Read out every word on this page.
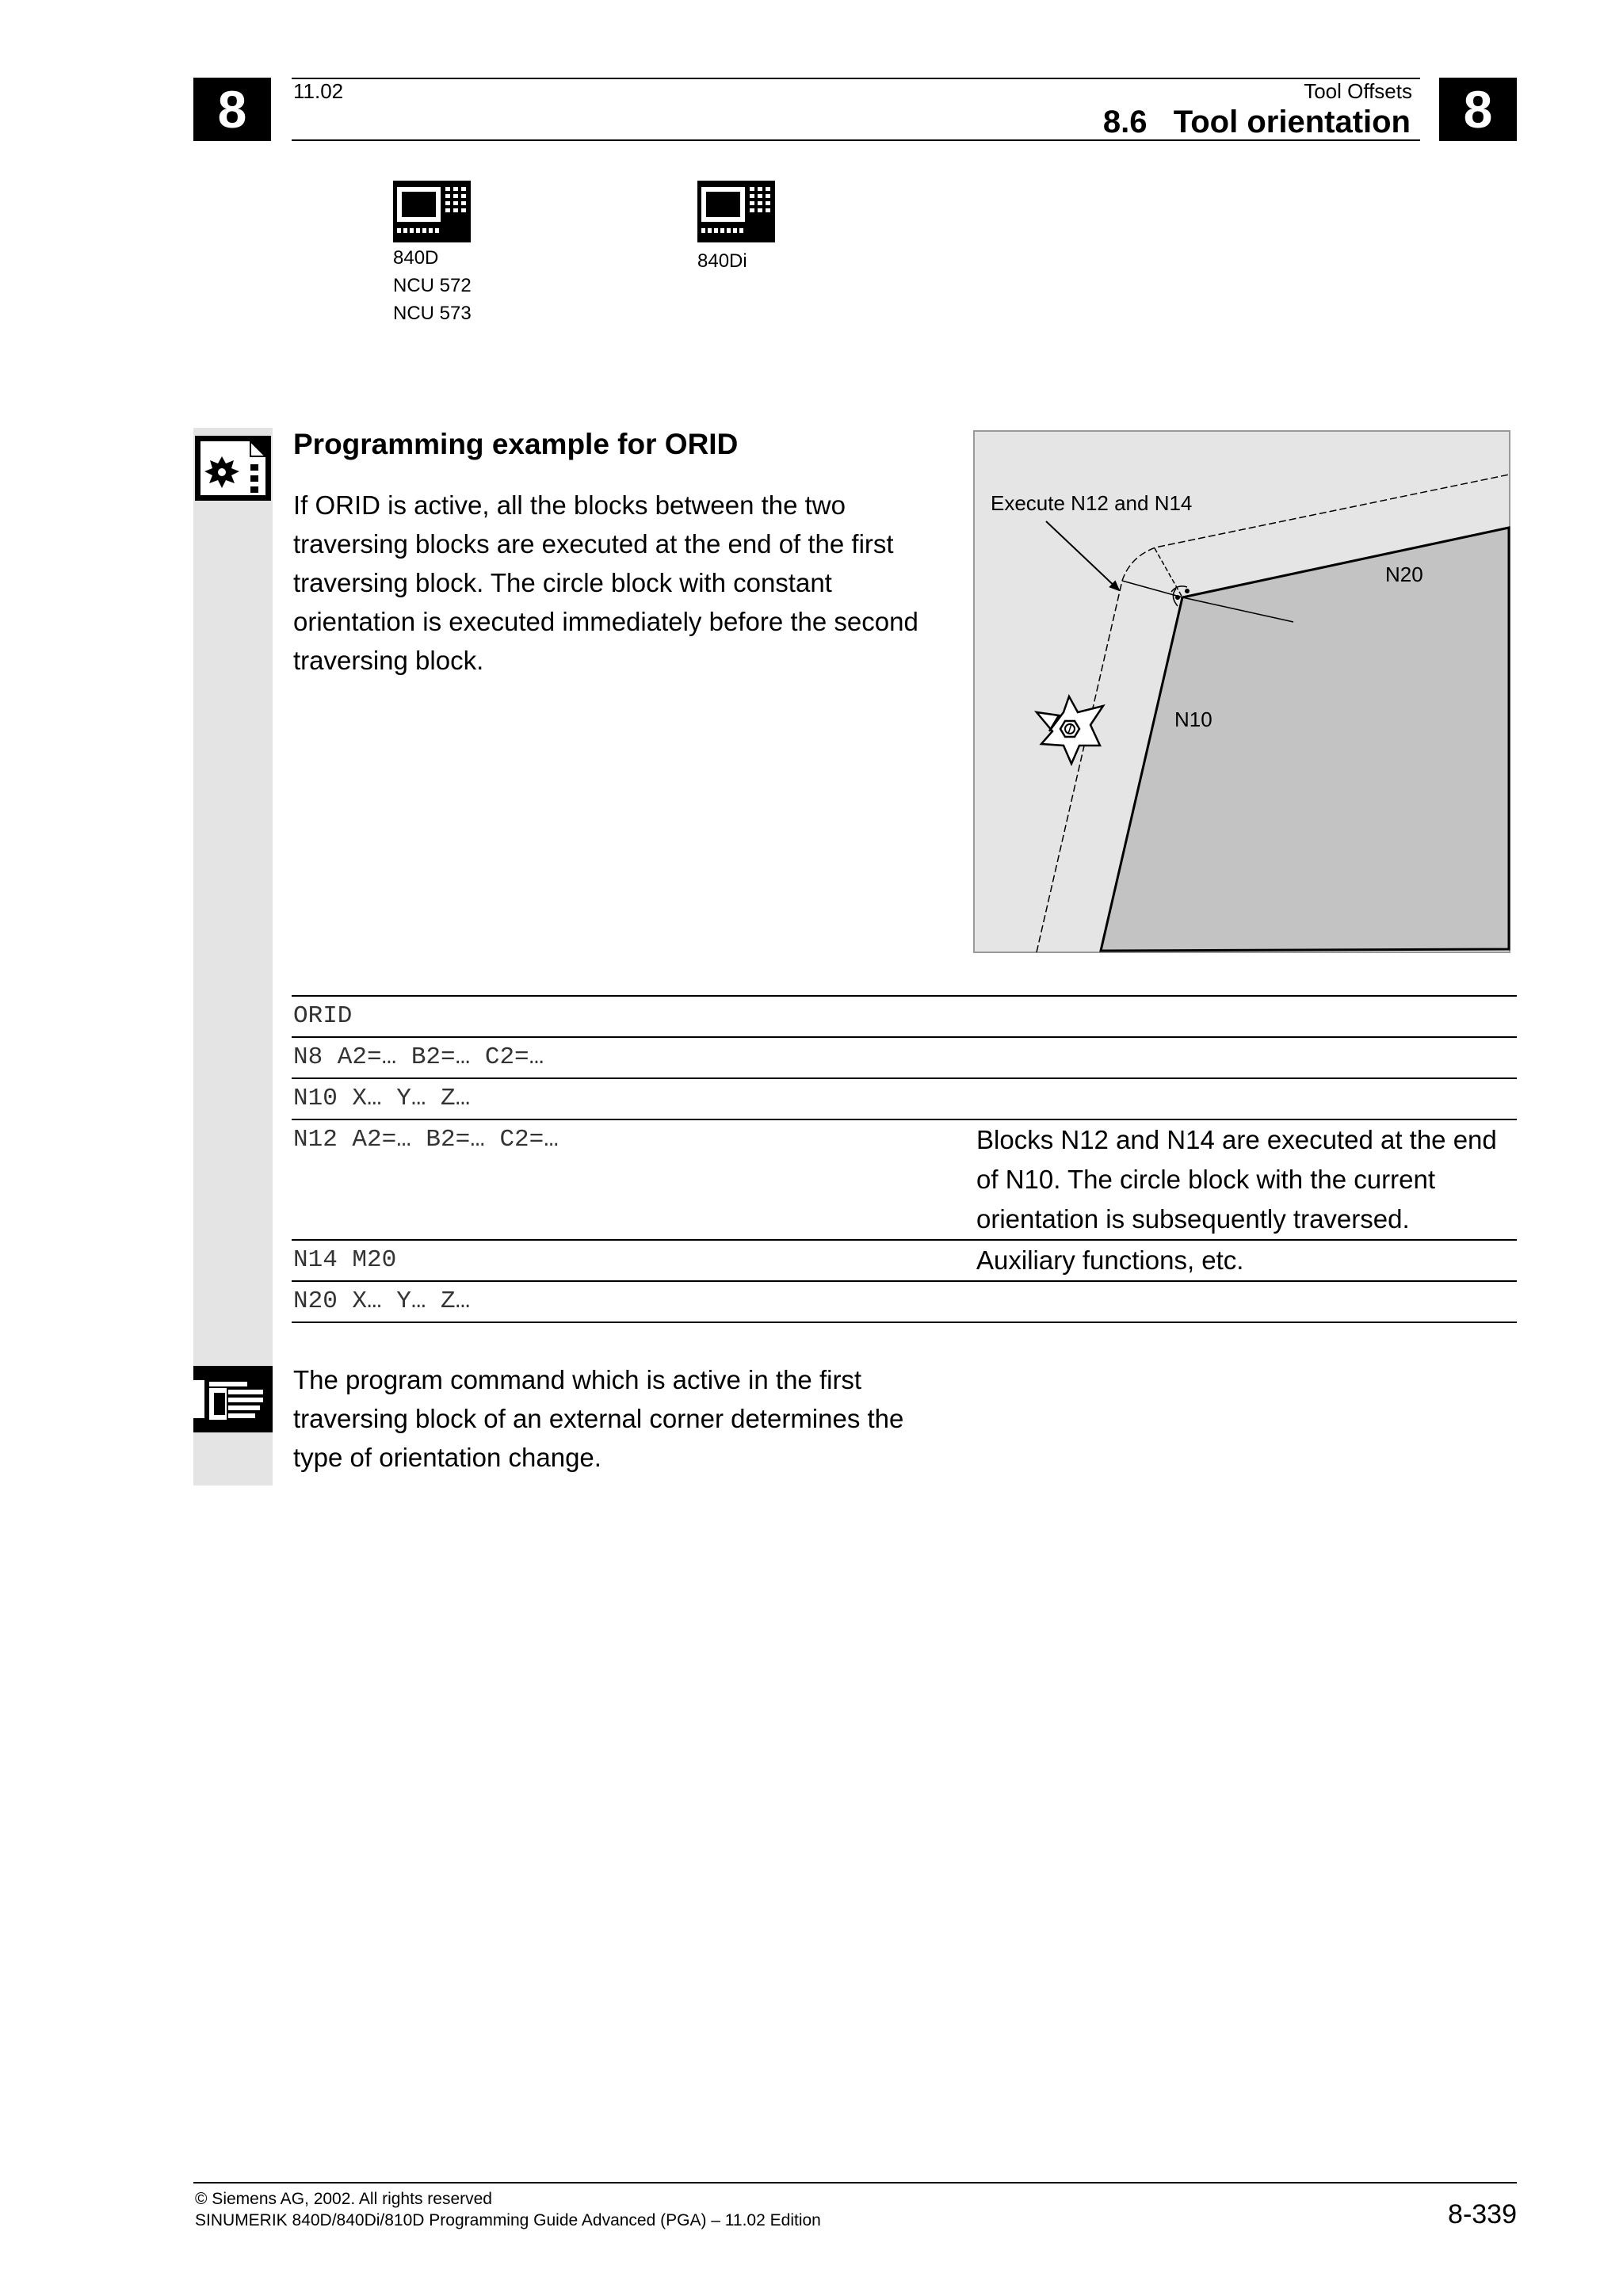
8	8
11.02	Tool Offsets
8.6   Tool orientation
840D
NCU 572
NCU 573
840Di
Programming example for ORID
If ORID is active, all the blocks between the two traversing blocks are executed at the end of the first traversing block. The circle block with constant orientation is executed immediately before the second traversing block.
Execute N12 and N14
N20
N10
ORID
N8 A2=… B2=… C2=…
N10 X… Y… Z…
N12 A2=… B2=… C2=…	Blocks N12 and N14 are executed at the end of N10. The circle block with the current orientation is subsequently traversed.
N14 M20	Auxiliary functions, etc.
N20 X… Y… Z…
The program command which is active in the first traversing block of an external corner determines the type of orientation change.
© Siemens AG, 2002. All rights reserved
SINUMERIK 840D/840Di/810D Programming Guide Advanced (PGA) – 11.02 Edition	8-339
